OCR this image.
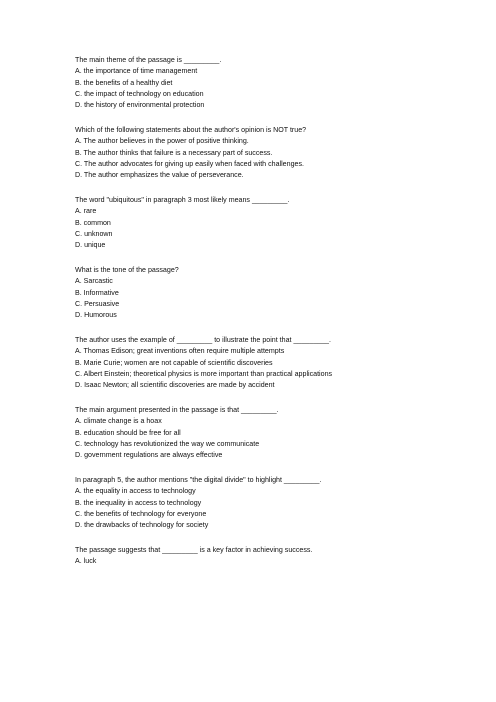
The main theme of the passage is _________.
A. the importance of time management
B. the benefits of a healthy diet
C. the impact of technology on education
D. the history of environmental protection
Which of the following statements about the author's opinion is NOT true?
A. The author believes in the power of positive thinking.
B. The author thinks that failure is a necessary part of success.
C. The author advocates for giving up easily when faced with challenges.
D. The author emphasizes the value of perseverance.
The word "ubiquitous" in paragraph 3 most likely means _________.
A. rare
B. common
C. unknown
D. unique
What is the tone of the passage?
A. Sarcastic
B. Informative
C. Persuasive
D. Humorous
The author uses the example of _________ to illustrate the point that _________.
A. Thomas Edison; great inventions often require multiple attempts
B. Marie Curie; women are not capable of scientific discoveries
C. Albert Einstein; theoretical physics is more important than practical applications
D. Isaac Newton; all scientific discoveries are made by accident
The main argument presented in the passage is that _________.
A. climate change is a hoax
B. education should be free for all
C. technology has revolutionized the way we communicate
D. government regulations are always effective
In paragraph 5, the author mentions "the digital divide" to highlight _________.
A. the equality in access to technology
B. the inequality in access to technology
C. the benefits of technology for everyone
D. the drawbacks of technology for society
The passage suggests that _________ is a key factor in achieving success.
A. luck
